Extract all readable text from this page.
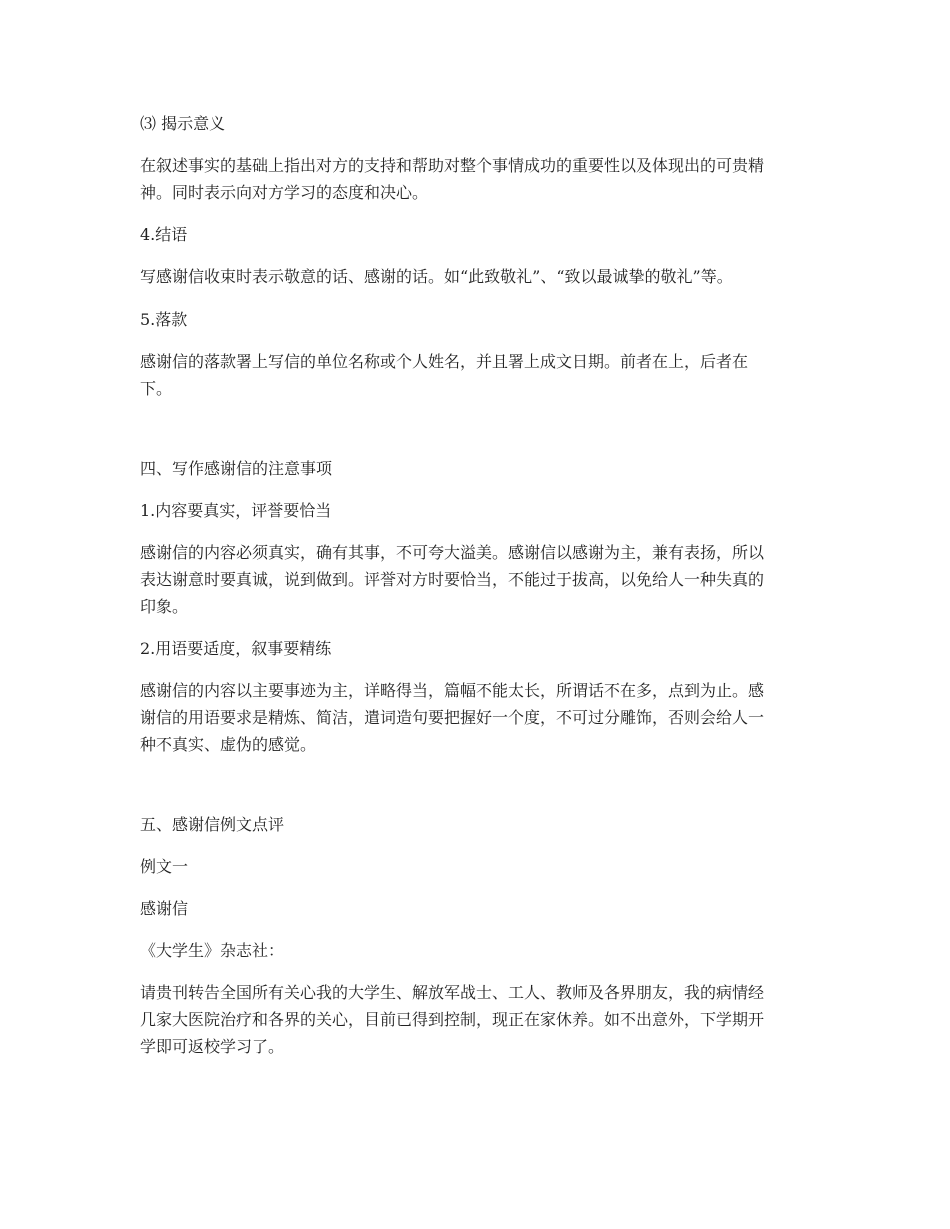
⑶ 揭示意义
在叙述事实的基础上指出对方的支持和帮助对整个事情成功的重要性以及体现出的可贵精
神。同时表示向对方学习的态度和决心。
4.结语
写感谢信收束时表示敬意的话、感谢的话。如“此致敬礼”、“致以最诚挚的敬礼”等。
5.落款
感谢信的落款署上写信的单位名称或个人姓名，并且署上成文日期。前者在上，后者在
下。
四、写作感谢信的注意事项
1.内容要真实，评誉要恰当
感谢信的内容必须真实，确有其事，不可夸大溢美。感谢信以感谢为主，兼有表扬，所以
表达谢意时要真诚，说到做到。评誉对方时要恰当，不能过于拔高，以免给人一种失真的
印象。
2.用语要适度，叙事要精练
感谢信的内容以主要事迹为主，详略得当，篇幅不能太长，所谓话不在多，点到为止。感
谢信的用语要求是精炼、简洁，遣词造句要把握好一个度，不可过分雕饰，否则会给人一
种不真实、虚伪的感觉。
五、感谢信例文点评
例文一
感谢信
《大学生》杂志社：
请贵刊转告全国所有关心我的大学生、解放军战士、工人、教师及各界朋友，我的病情经
几家大医院治疗和各界的关心，目前已得到控制，现正在家休养。如不出意外，下学期开
学即可返校学习了。
